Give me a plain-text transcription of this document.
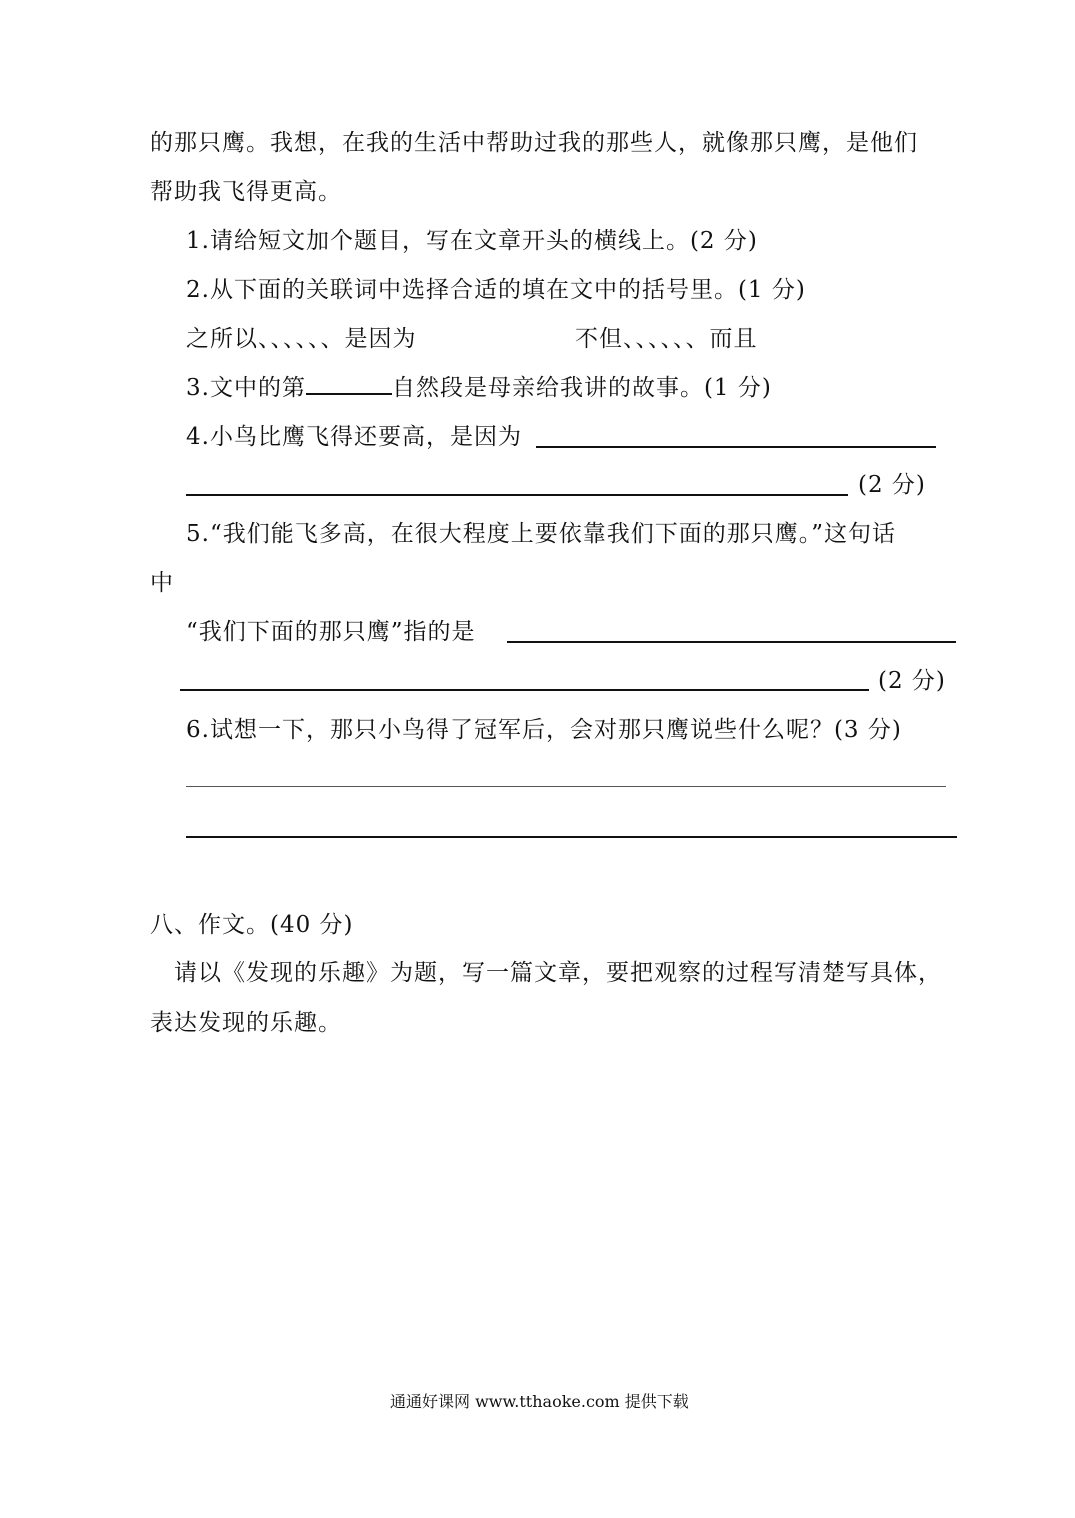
的那只鹰。我想，在我的生活中帮助过我的那些人，就像那只鹰，是他们
帮助我飞得更高。
1.请给短文加个题目，写在文章开头的横线上。(2 分)
2.从下面的关联词中选择合适的填在文中的括号里。(1 分)
之所以、、、、、、是因为	不但、、、、、、而且
3.文中的第	自然段是母亲给我讲的故事。(1 分)
4.小鸟比鹰飞得还要高，是因为
(2 分)
5.“我们能飞多高，在很大程度上要依靠我们下面的那只鹰。”这句话
中
“我们下面的那只鹰”指的是
(2 分)
6.试想一下，那只小鸟得了冠军后，会对那只鹰说些什么呢？(3 分)
八、作文。(40 分)
请以《发现的乐趣》为题，写一篇文章，要把观察的过程写清楚写具体，
表达发现的乐趣。
通通好课网 www.tthaoke.com 提供下载
